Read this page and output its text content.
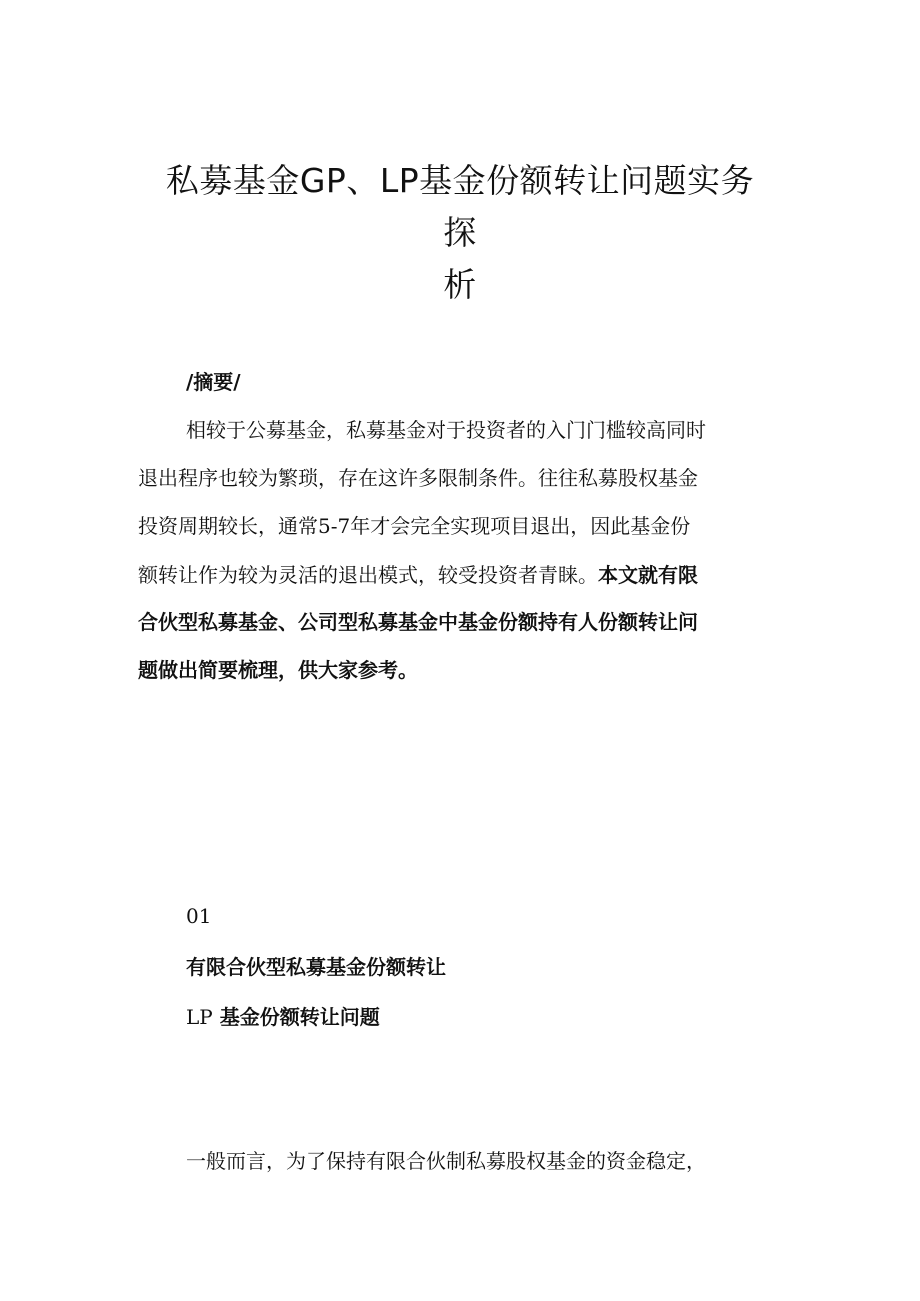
私募基金GP、LP基金份额转让问题实务
探
析

/摘要/

相较于公募基金，私募基金对于投资者的入门门槛较高同时

退出程序也较为繁琐，存在这许多限制条件。往往私募股权基金

投资周期较长，通常5-7年才会完全实现项目退出，因此基金份

额转让作为较为灵活的退出模式，较受投资者青睐。本文就有限

合伙型私募基金、公司型私募基金中基金份额持有人份额转让问

题做出简要梳理，供大家参考。

01

有限合伙型私募基金份额转让

LP 基金份额转让问题

一般而言，为了保持有限合伙制私募股权基金的资金稳定，
